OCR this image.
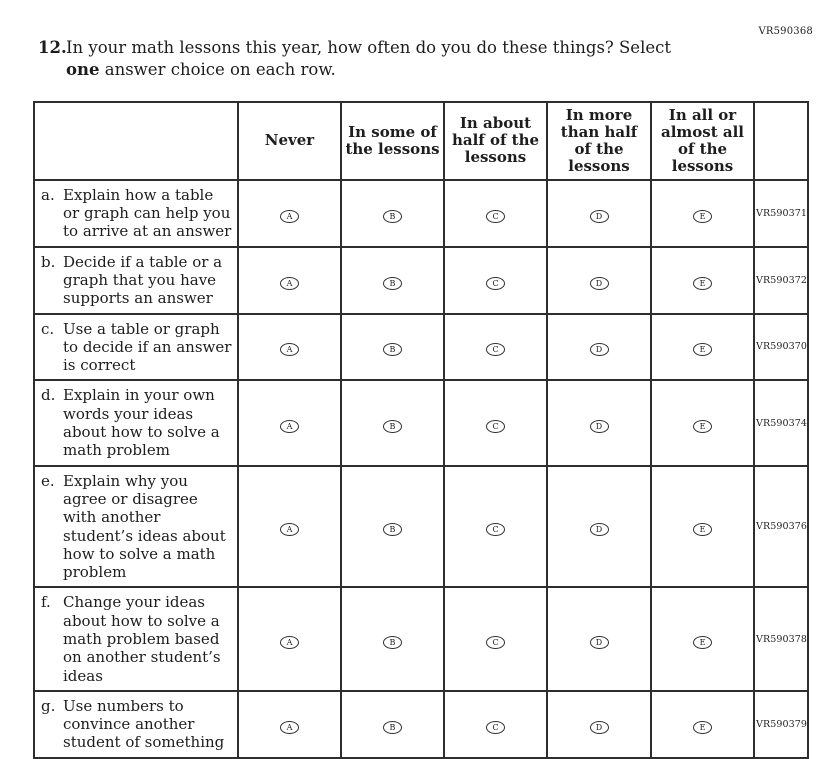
VR590368
12. In your math lessons this year, how often do you do these things? Select one answer choice on each row.
	Never	In some of the lessons	In about half of the lessons	In more than half of the lessons	In all or almost all of the lessons	

a. Explain how a table or graph can help you to arrive at an answer	A	B	C	D	E	VR590371

b. Decide if a table or a graph that you have supports an answer	A	B	C	D	E	VR590372

c. Use a table or graph to decide if an answer is correct	A	B	C	D	E	VR590370

d. Explain in your own words your ideas about how to solve a math problem	A	B	C	D	E	VR590374

e. Explain why you agree or disagree with another student’s ideas about how to solve a math problem	A	B	C	D	E	VR590376

f. Change your ideas about how to solve a math problem based on another student’s ideas	A	B	C	D	E	VR590378

g. Use numbers to convince another student of something	A	B	C	D	E	VR590379
